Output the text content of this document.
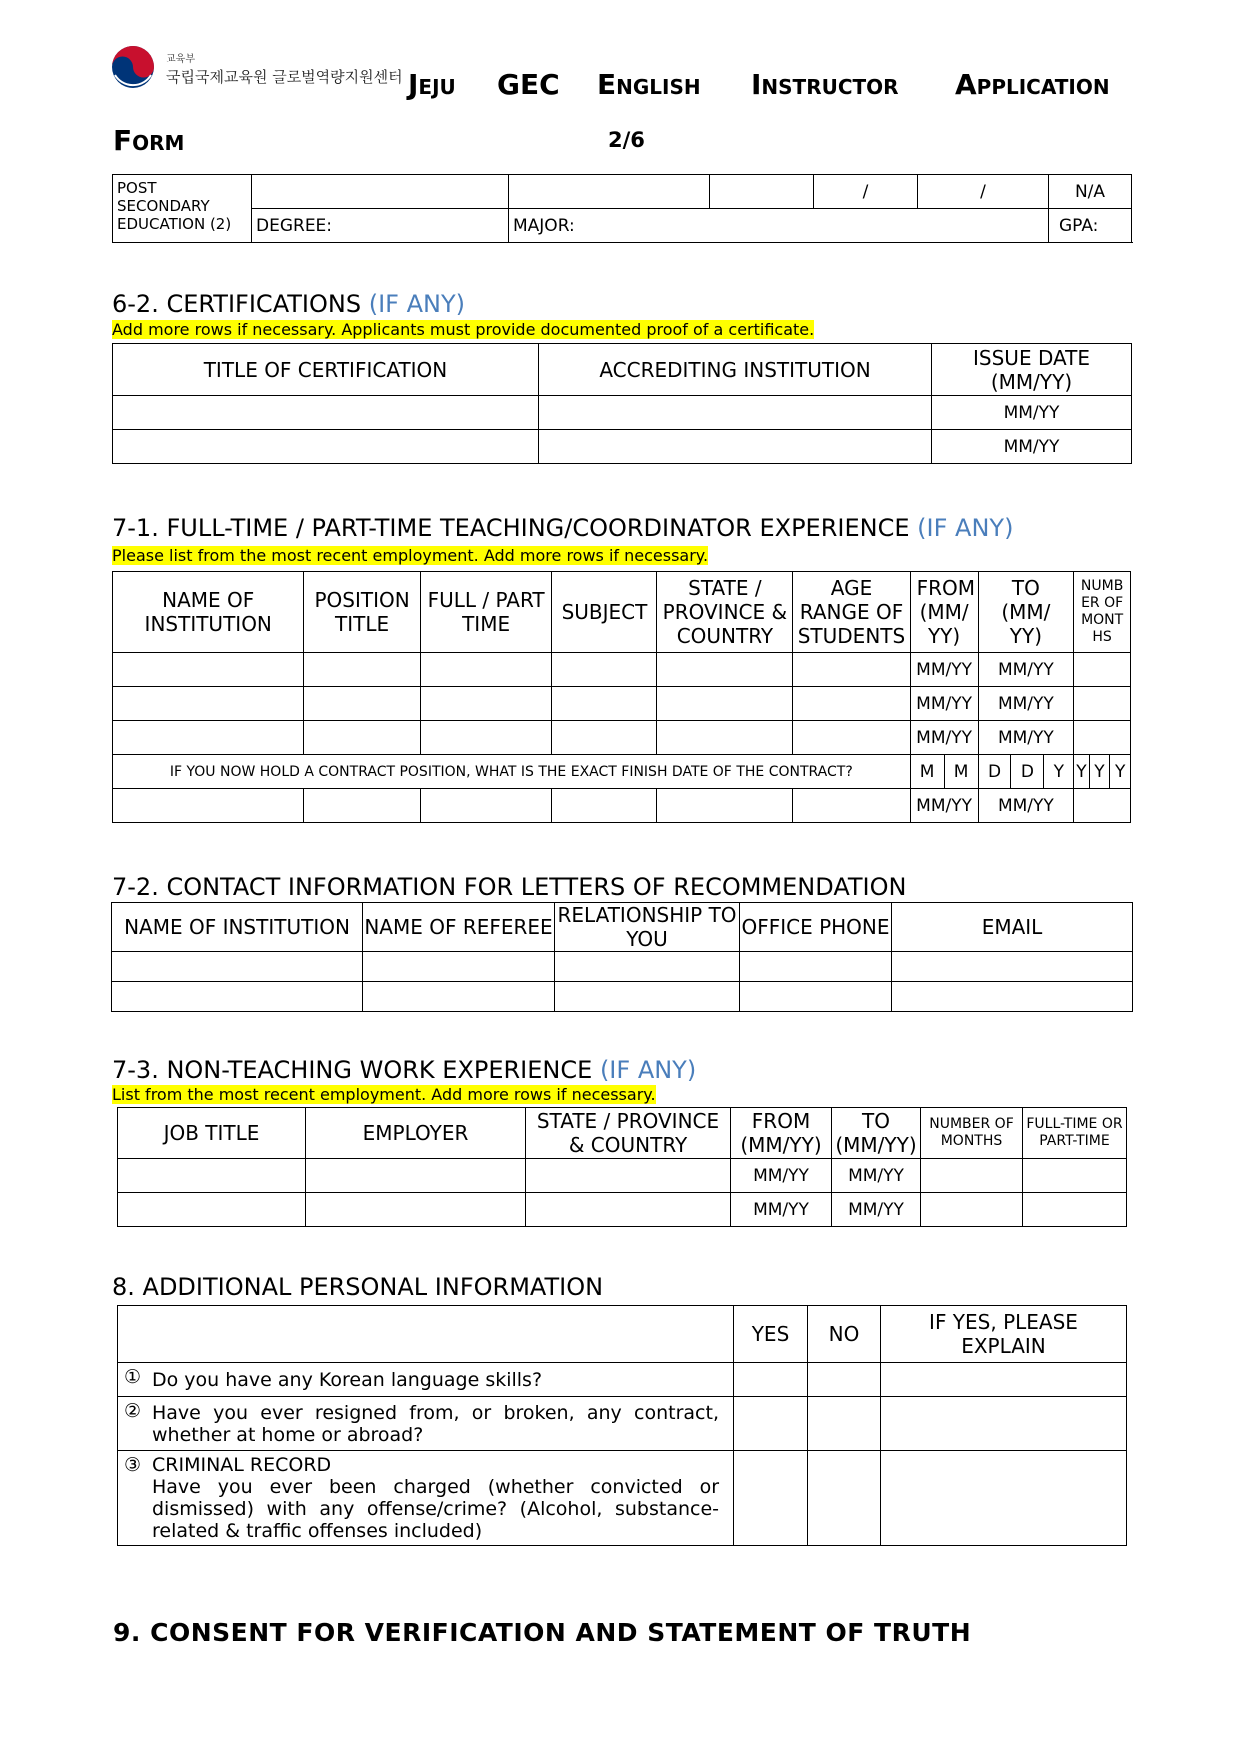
교육부
국립국제교육원 글로벌역량지원센터 Jeju GEC English Instructor Application
Form	2/6
POST SECONDARY EDUCATION (2)				/	/	N/A	
	DEGREE:	MAJOR:				GPA:	
6-2. CERTIFICATIONS (IF ANY)
Add more rows if necessary. Applicants must provide documented proof of a certificate.
TITLE OF CERTIFICATION	ACCREDITING INSTITUTION	ISSUE DATE (MM/YY)
		MM/YY
		MM/YY
7-1. FULL-TIME / PART-TIME TEACHING/COORDINATOR EXPERIENCE (IF ANY)
Please list from the most recent employment. Add more rows if necessary.
NAME OF INSTITUTION	POSITION TITLE	FULL / PART TIME	SUBJECT	STATE / PROVINCE & COUNTRY	AGE RANGE OF STUDENTS	FROM (MM/ YY)		TO (MM/ YY)			NUMBER OF MONTHS		
						MM/YY		MM/YY					
						MM/YY		MM/YY					
						MM/YY		MM/YY					
IF YOU NOW HOLD A CONTRACT POSITION, WHAT IS THE EXACT FINISH DATE OF THE CONTRACT?						M	M	D	D	Y	Y	Y	Y
						MM/YY		MM/YY					
7-2. CONTACT INFORMATION FOR LETTERS OF RECOMMENDATION
NAME OF INSTITUTION	NAME OF REFEREE	RELATIONSHIP TO YOU	OFFICE PHONE	EMAIL

7-3. NON-TEACHING WORK EXPERIENCE (IF ANY)
List from the most recent employment. Add more rows if necessary.
JOB TITLE	EMPLOYER	STATE / PROVINCE & COUNTRY	FROM (MM/YY)	TO (MM/YY)	NUMBER OF MONTHS	FULL-TIME OR PART-TIME
			MM/YY	MM/YY		
			MM/YY	MM/YY		
8. ADDITIONAL PERSONAL INFORMATION
	YES	NO	IF YES, PLEASE EXPLAIN

① Do you have any Korean language skills?			

② Have you ever resigned from, or broken, any contract, whether at home or abroad?			

③ CRIMINAL RECORD
Have you ever been charged (whether convicted or dismissed) with any offense/crime? (Alcohol, substance-related & traffic offenses included)			
9. CONSENT FOR VERIFICATION AND STATEMENT OF TRUTH
